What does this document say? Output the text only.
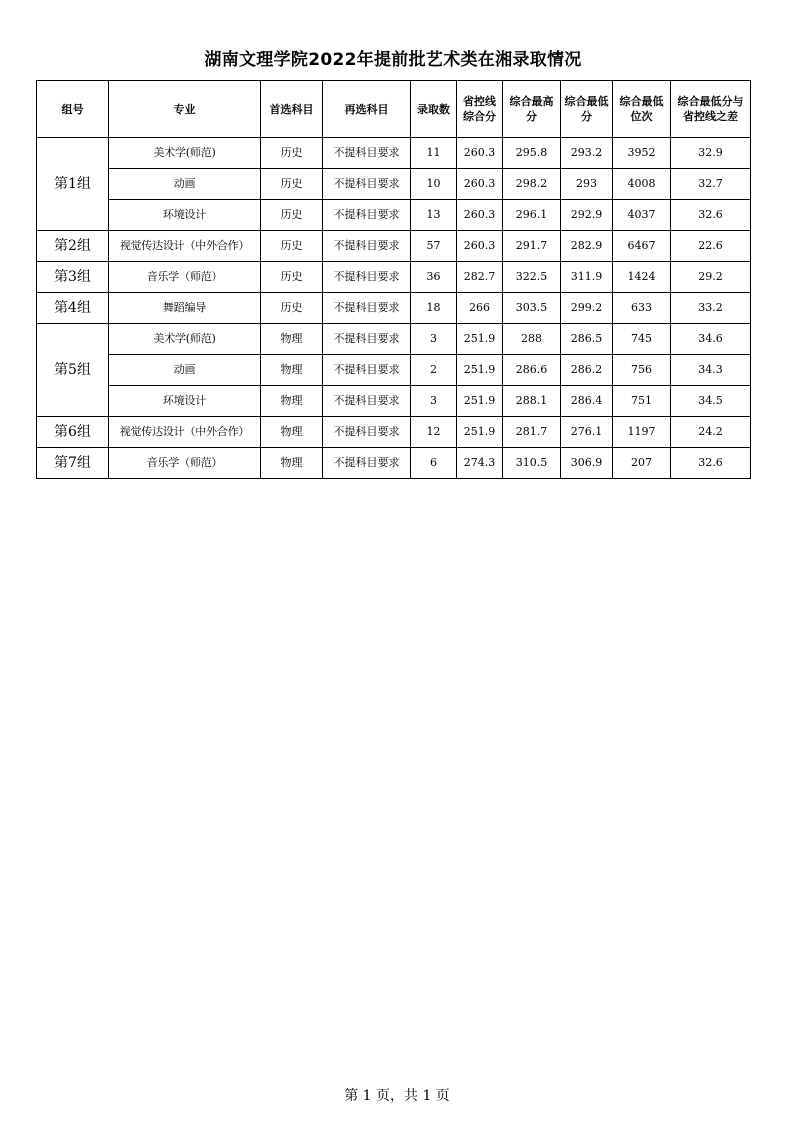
湖南文理学院2022年提前批艺术类在湘录取情况
组号	专业	首选科目	再选科目	录取数	省控线综合分	综合最高分	综合最低分	综合最低位次	综合最低分与省控线之差
第1组	美术学(师范)	历史	不提科目要求	11	260.3	295.8	293.2	3952	32.9
	动画	历史	不提科目要求	10	260.3	298.2	293	4008	32.7
	环境设计	历史	不提科目要求	13	260.3	296.1	292.9	4037	32.6
第2组	视觉传达设计（中外合作）	历史	不提科目要求	57	260.3	291.7	282.9	6467	22.6
第3组	音乐学（师范）	历史	不提科目要求	36	282.7	322.5	311.9	1424	29.2
第4组	舞蹈编导	历史	不提科目要求	18	266	303.5	299.2	633	33.2
第5组	美术学(师范)	物理	不提科目要求	3	251.9	288	286.5	745	34.6
	动画	物理	不提科目要求	2	251.9	286.6	286.2	756	34.3
	环境设计	物理	不提科目要求	3	251.9	288.1	286.4	751	34.5
第6组	视觉传达设计（中外合作）	物理	不提科目要求	12	251.9	281.7	276.1	1197	24.2
第7组	音乐学（师范）	物理	不提科目要求	6	274.3	310.5	306.9	207	32.6
第 1 页，共 1 页
